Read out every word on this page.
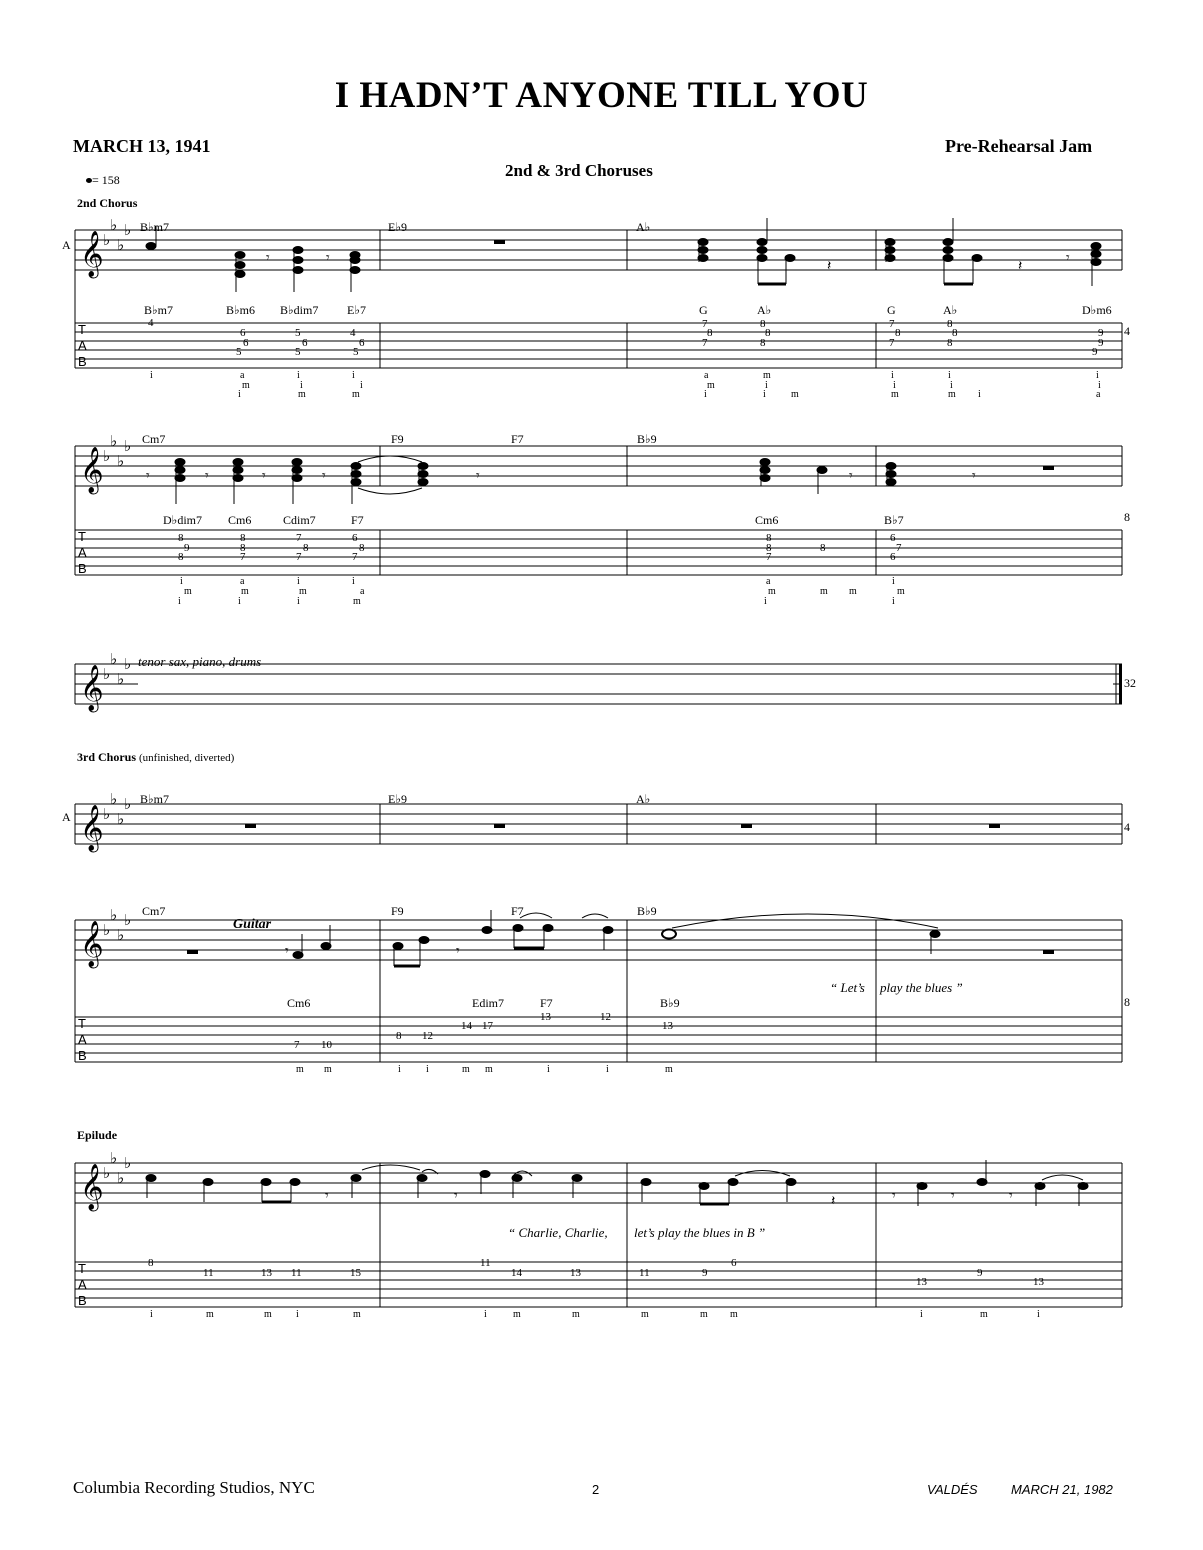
I HADN’T ANYONE TILL YOU
MARCH 13, 1941	Pre-Rehearsal Jam
2nd & 3rd Choruses
= 158
2nd Chorus
3rd Chorus (unfinished, diverted)
Epilude
A
A
4
8
32
4
8
tenor sax, piano, drums
Guitar
B♭m7	E♭9	A♭
Cm7	F9	F7	B♭9
B♭m7	E♭9	A♭
Cm7	F9	F7	B♭9
B♭m7	B♭m6 B♭dim7 E♭7	G	A♭	G	A♭	D♭m6
D♭dim7 Cm6	Cdim7	F7	Cm6	B♭7
Cm6	Edim7	F7	B♭9
“ Let’s play the blues ”
“ Charlie, Charlie, let’s play the blues in B ”
4
6
6
5
5
6
5
4
6
5
7
8
7
8
8
8
7
8
7
8
8
8
9
9
9
8
9
8
8
8
7
7
8
7
6
8
7
8
8
7
8
6
7
6
8 12
14 17
13	12
13
7 10
8
11	13 11	15
11
14	13	11	9
6
13
9
13
i	a
m
i
i
i
m
i
i
m
a
m
i
m
i
i	m
i
i
m
i
i
m i
i
i
a
i
m
i
a
m
i
i
m
i
i
m
a
a
m
i
m m
i
i
m
m m	i	i	m m	i	i	m
i	m	m i	m	i	m	m	m	m m	i	m	i
Columbia Recording Studios, NYC	2	VALDÉS	MARCH 21, 1982
T
A
B
T
A
B
T
A
B
T
A
B
𝄞
𝄞
𝄞
𝄞
𝄞
𝄞
♭
♭
♭
♭
♭
♭
♭
♭
♭
♭
♭
♭
♭
♭
♭
♭
♭
♭
♭
♭
♭
♭
♭
♭
𝄾	𝄾	𝄽	𝄽	𝄾
𝄾	𝄾	𝄾	𝄾	𝄾	𝄾	𝄾
𝄾	𝄾
𝄾	𝄾	𝄽	𝄾	𝄾	𝄾
